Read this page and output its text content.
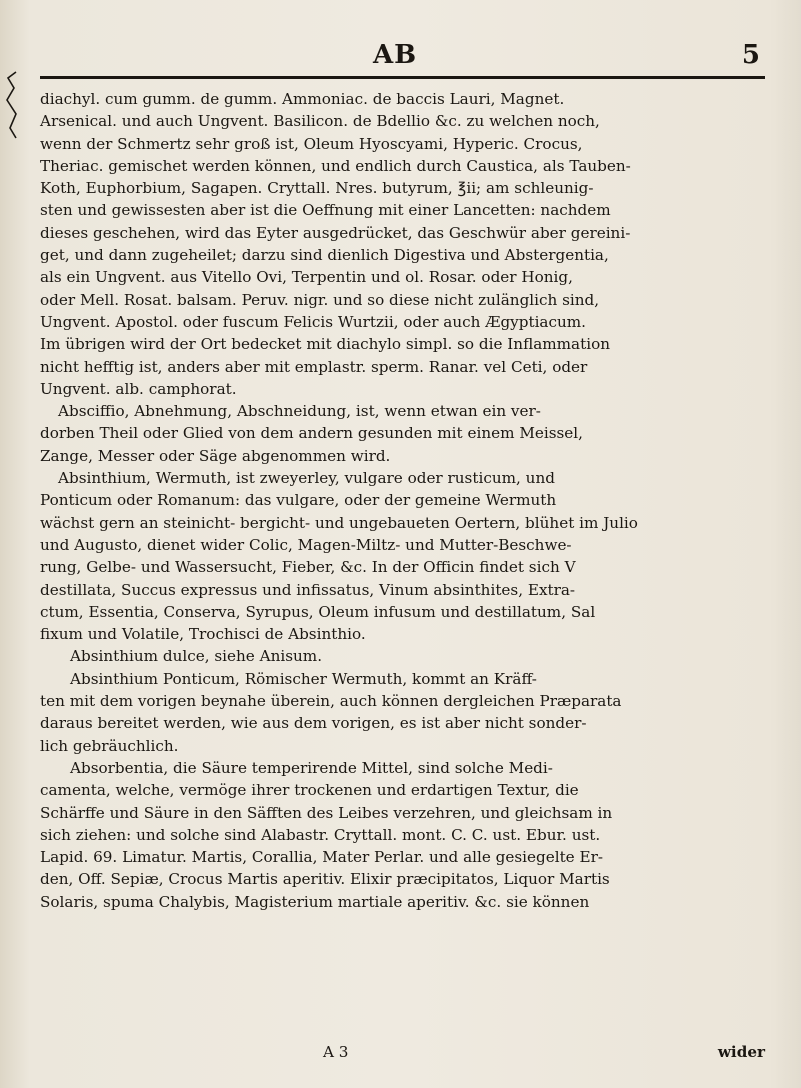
AB	5

diachyl. cum gumm. de gumm. Ammoniac. de baccis Lauri, Magnet.

Arsenical. und auch Ungvent. Basilicon. de Bdellio &c. zu welchen noch,

wenn der Schmertz sehr groß ist, Oleum Hyoscyami, Hyperic. Crocus,

Theriac. gemischet werden können, und endlich durch Caustica, als Tauben-

Koth, Euphorbium, Sagapen. Cryttall. Nres. butyrum, ℥ii; am schleunig-

sten und gewissesten aber ist die Oeffnung mit einer Lancetten: nachdem

dieses geschehen, wird das Eyter ausgedrücket, das Geschwür aber gereini-

get, und dann zugeheilet; darzu sind dienlich Digestiva und Abstergentia,

als ein Ungvent. aus Vitello Ovi, Terpentin und ol. Rosar. oder Honig,

oder Mell. Rosat. balsam. Peruv. nigr. und so diese nicht zulänglich sind,

Ungvent. Apostol. oder fuscum Felicis Wurtzii, oder auch Ægyptiacum.

Im übrigen wird der Ort bedecket mit diachylo simpl. so die Inflammation

nicht hefftig ist, anders aber mit emplastr. sperm. Ranar. vel Ceti, oder

Ungvent. alb. camphorat.

Absciffio, Abnehmung, Abschneidung, ist, wenn etwan ein ver-

dorben Theil oder Glied von dem andern gesunden mit einem Meissel,

Zange, Messer oder Säge abgenommen wird.

Absinthium, Wermuth, ist zweyerley, vulgare oder rusticum, und

Ponticum oder Romanum: das vulgare, oder der gemeine Wermuth

wächst gern an steinicht- bergicht- und ungebaueten Oertern, blühet im Julio

und Augusto, dienet wider Colic, Magen-Miltz- und Mutter-Beschwe-

rung, Gelbe- und Wassersucht, Fieber, &c. In der Officin findet sich V

destillata, Succus expressus und infissatus, Vinum absinthites, Extra-

ctum, Essentia, Conserva, Syrupus, Oleum infusum und destillatum, Sal

fixum und Volatile, Trochisci de Absinthio.

Absinthium dulce, siehe Anisum.

Absinthium Ponticum, Römischer Wermuth, kommt an Kräff-

ten mit dem vorigen beynahe überein, auch können dergleichen Præparata

daraus bereitet werden, wie aus dem vorigen, es ist aber nicht sonder-

lich gebräuchlich.

Absorbentia, die Säure temperirende Mittel, sind solche Medi-

camenta, welche, vermöge ihrer trockenen und erdartigen Textur, die

Schärffe und Säure in den Säfften des Leibes verzehren, und gleichsam in

sich ziehen: und solche sind Alabastr. Cryttall. mont. C. C. ust. Ebur. ust.

Lapid. 69. Limatur. Martis, Corallia, Mater Perlar. und alle gesiegelte Er-

den, Off. Sepiæ, Crocus Martis aperitiv. Elixir præcipitatos, Liquor Martis

Solaris, spuma Chalybis, Magisterium martiale aperitiv. &c. sie können

A 3	wider
